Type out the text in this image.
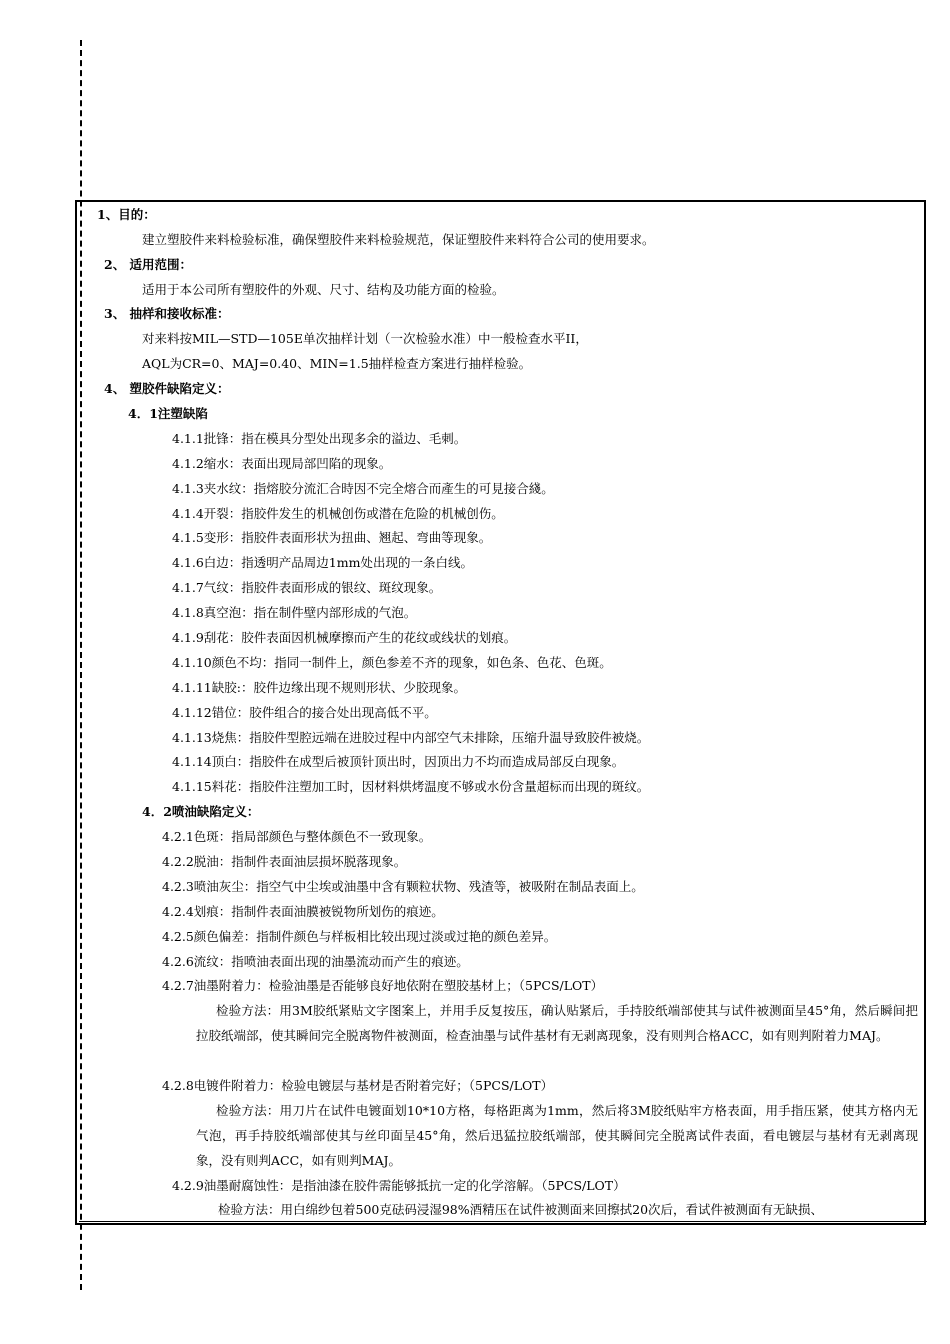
1、目的：
建立塑胶件来料检验标准，确保塑胶件来料检验规范，保证塑胶件来料符合公司的使用要求。
2、 适用范围：
适用于本公司所有塑胶件的外观、尺寸、结构及功能方面的检验。
3、 抽样和接收标准：
对来料按MIL—STD—105E单次抽样计划（一次检验水准）中一般检查水平II，
AQL为CR=0、MAJ=0.40、MIN=1.5抽样检查方案进行抽样检验。
4、 塑胶件缺陷定义：
4．1注塑缺陷
4.1.1批锋：指在模具分型处出现多余的溢边、毛刺。
4.1.2缩水：表面出现局部凹陷的现象。
4.1.3夹水纹：指熔胶分流汇合時因不完全熔合而產生的可見接合綫。
4.1.4开裂：指胶件发生的机械创伤或潜在危险的机械创伤。
4.1.5变形：指胶件表面形状为扭曲、翘起、弯曲等现象。
4.1.6白边：指透明产品周边1mm处出现的一条白线。
4.1.7气纹：指胶件表面形成的银纹、斑纹现象。
4.1.8真空泡：指在制件壁内部形成的气泡。
4.1.9刮花：胶件表面因机械摩擦而产生的花纹或线状的划痕。
4.1.10颜色不均：指同一制件上，颜色参差不齐的现象，如色条、色花、色斑。
4.1.11缺胶:：胶件边缘出现不规则形状、少胶现象。
4.1.12错位：胶件组合的接合处出现高低不平。
4.1.13烧焦：指胶件型腔远端在进胶过程中内部空气未排除，压缩升温导致胶件被烧。
4.1.14顶白：指胶件在成型后被顶针顶出时，因顶出力不均而造成局部反白现象。
4.1.15料花：指胶件注塑加工时，因材料烘烤温度不够或水份含量超标而出现的斑纹。
4．2喷油缺陷定义：
4.2.1色斑：指局部颜色与整体颜色不一致现象。
4.2.2脱油：指制件表面油层损坏脱落现象。
4.2.3喷油灰尘：指空气中尘埃或油墨中含有颗粒状物、残渣等，被吸附在制品表面上。
4.2.4划痕：指制件表面油膜被锐物所划伤的痕迹。
4.2.5颜色偏差：指制件颜色与样板相比较出现过淡或过艳的颜色差异。
4.2.6流纹：指喷油表面出现的油墨流动而产生的痕迹。
4.2.7油墨附着力：检验油墨是否能够良好地依附在塑胶基材上；（5PCS/LOT）
检验方法：用3M胶纸紧贴文字图案上，并用手反复按压，确认贴紧后，手持胶纸端部使其与试件被测面呈45°角，然后瞬间把拉胶纸端部，使其瞬间完全脱离物件被测面，检查油墨与试件基材有无剥离现象，没有则判合格ACC，如有则判附着力MAJ。
4.2.8电镀件附着力：检验电镀层与基材是否附着完好；（5PCS/LOT）
检验方法：用刀片在试件电镀面划10*10方格，每格距离为1mm，然后将3M胶纸贴牢方格表面，用手指压紧，使其方格内无气泡，再手持胶纸端部使其与丝印面呈45°角，然后迅猛拉胶纸端部，使其瞬间完全脱离试件表面，看电镀层与基材有无剥离现象，没有则判ACC，如有则判MAJ。
4.2.9油墨耐腐蚀性：是指油漆在胶件需能够抵抗一定的化学溶解。（5PCS/LOT）
检验方法：用白绵纱包着500克砝码浸湿98%酒精压在试件被测面来回擦拭20次后，看试件被测面有无缺损、
